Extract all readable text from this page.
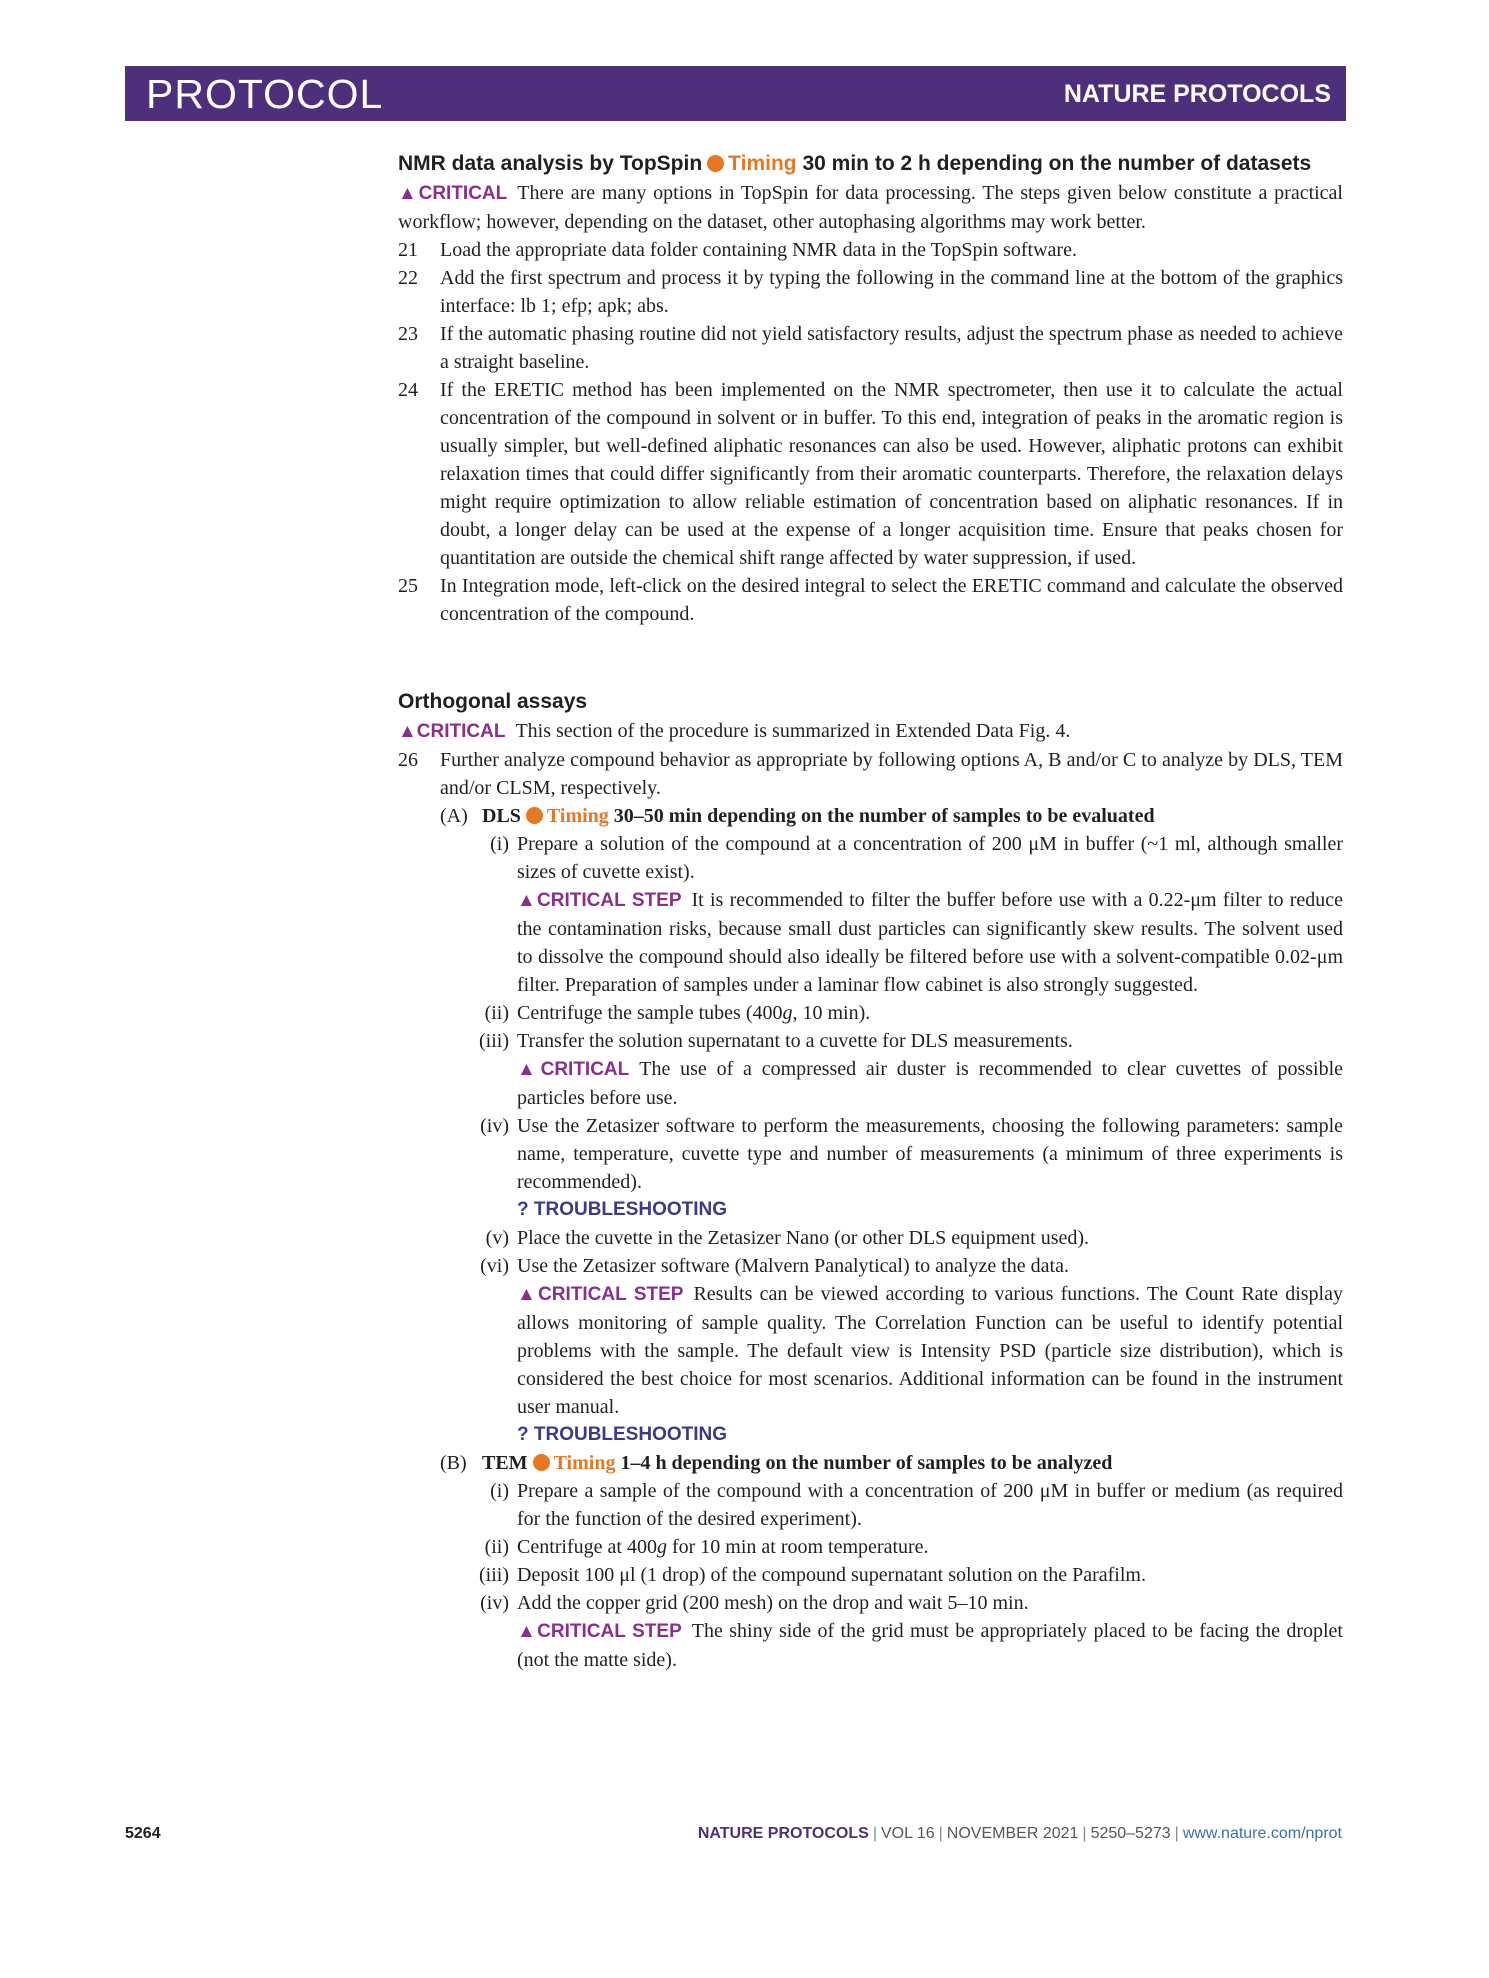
PROTOCOL	NATURE PROTOCOLS
NMR data analysis by TopSpin Timing 30 min to 2 h depending on the number of datasets
▲CRITICAL There are many options in TopSpin for data processing. The steps given below constitute a practical workflow; however, depending on the dataset, other autophasing algorithms may work better.
21	Load the appropriate data folder containing NMR data in the TopSpin software.
22	Add the first spectrum and process it by typing the following in the command line at the bottom of the graphics interface: lb 1; efp; apk; abs.
23	If the automatic phasing routine did not yield satisfactory results, adjust the spectrum phase as needed to achieve a straight baseline.
24	If the ERETIC method has been implemented on the NMR spectrometer, then use it to calculate the actual concentration of the compound in solvent or in buffer. To this end, integration of peaks in the aromatic region is usually simpler, but well-defined aliphatic resonances can also be used. However, aliphatic protons can exhibit relaxation times that could differ significantly from their aromatic counterparts. Therefore, the relaxation delays might require optimization to allow reliable estimation of concentration based on aliphatic resonances. If in doubt, a longer delay can be used at the expense of a longer acquisition time. Ensure that peaks chosen for quantitation are outside the chemical shift range affected by water suppression, if used.
25	In Integration mode, left-click on the desired integral to select the ERETIC command and calculate the observed concentration of the compound.
Orthogonal assays
▲CRITICAL This section of the procedure is summarized in Extended Data Fig. 4.
26	Further analyze compound behavior as appropriate by following options A, B and/or C to analyze by DLS, TEM and/or CLSM, respectively.
(A) DLS Timing 30–50 min depending on the number of samples to be evaluated
(i) Prepare a solution of the compound at a concentration of 200 μM in buffer (~1 ml, although smaller sizes of cuvette exist).
▲CRITICAL STEP It is recommended to filter the buffer before use with a 0.22-μm filter to reduce the contamination risks, because small dust particles can significantly skew results. The solvent used to dissolve the compound should also ideally be filtered before use with a solvent-compatible 0.02-μm filter. Preparation of samples under a laminar flow cabinet is also strongly suggested.
(ii) Centrifuge the sample tubes (400g, 10 min).
(iii) Transfer the solution supernatant to a cuvette for DLS measurements.
▲CRITICAL The use of a compressed air duster is recommended to clear cuvettes of possible particles before use.
(iv) Use the Zetasizer software to perform the measurements, choosing the following parameters: sample name, temperature, cuvette type and number of measurements (a minimum of three experiments is recommended).
? TROUBLESHOOTING
(v) Place the cuvette in the Zetasizer Nano (or other DLS equipment used).
(vi) Use the Zetasizer software (Malvern Panalytical) to analyze the data.
▲CRITICAL STEP Results can be viewed according to various functions. The Count Rate display allows monitoring of sample quality. The Correlation Function can be useful to identify potential problems with the sample. The default view is Intensity PSD (particle size distribution), which is considered the best choice for most scenarios. Additional information can be found in the instrument user manual.
? TROUBLESHOOTING
(B) TEM Timing 1–4 h depending on the number of samples to be analyzed
(i) Prepare a sample of the compound with a concentration of 200 μM in buffer or medium (as required for the function of the desired experiment).
(ii) Centrifuge at 400g for 10 min at room temperature.
(iii) Deposit 100 μl (1 drop) of the compound supernatant solution on the Parafilm.
(iv) Add the copper grid (200 mesh) on the drop and wait 5–10 min.
▲CRITICAL STEP The shiny side of the grid must be appropriately placed to be facing the droplet (not the matte side).
5264	NATURE PROTOCOLS | VOL 16 | NOVEMBER 2021 | 5250–5273 | www.nature.com/nprot
